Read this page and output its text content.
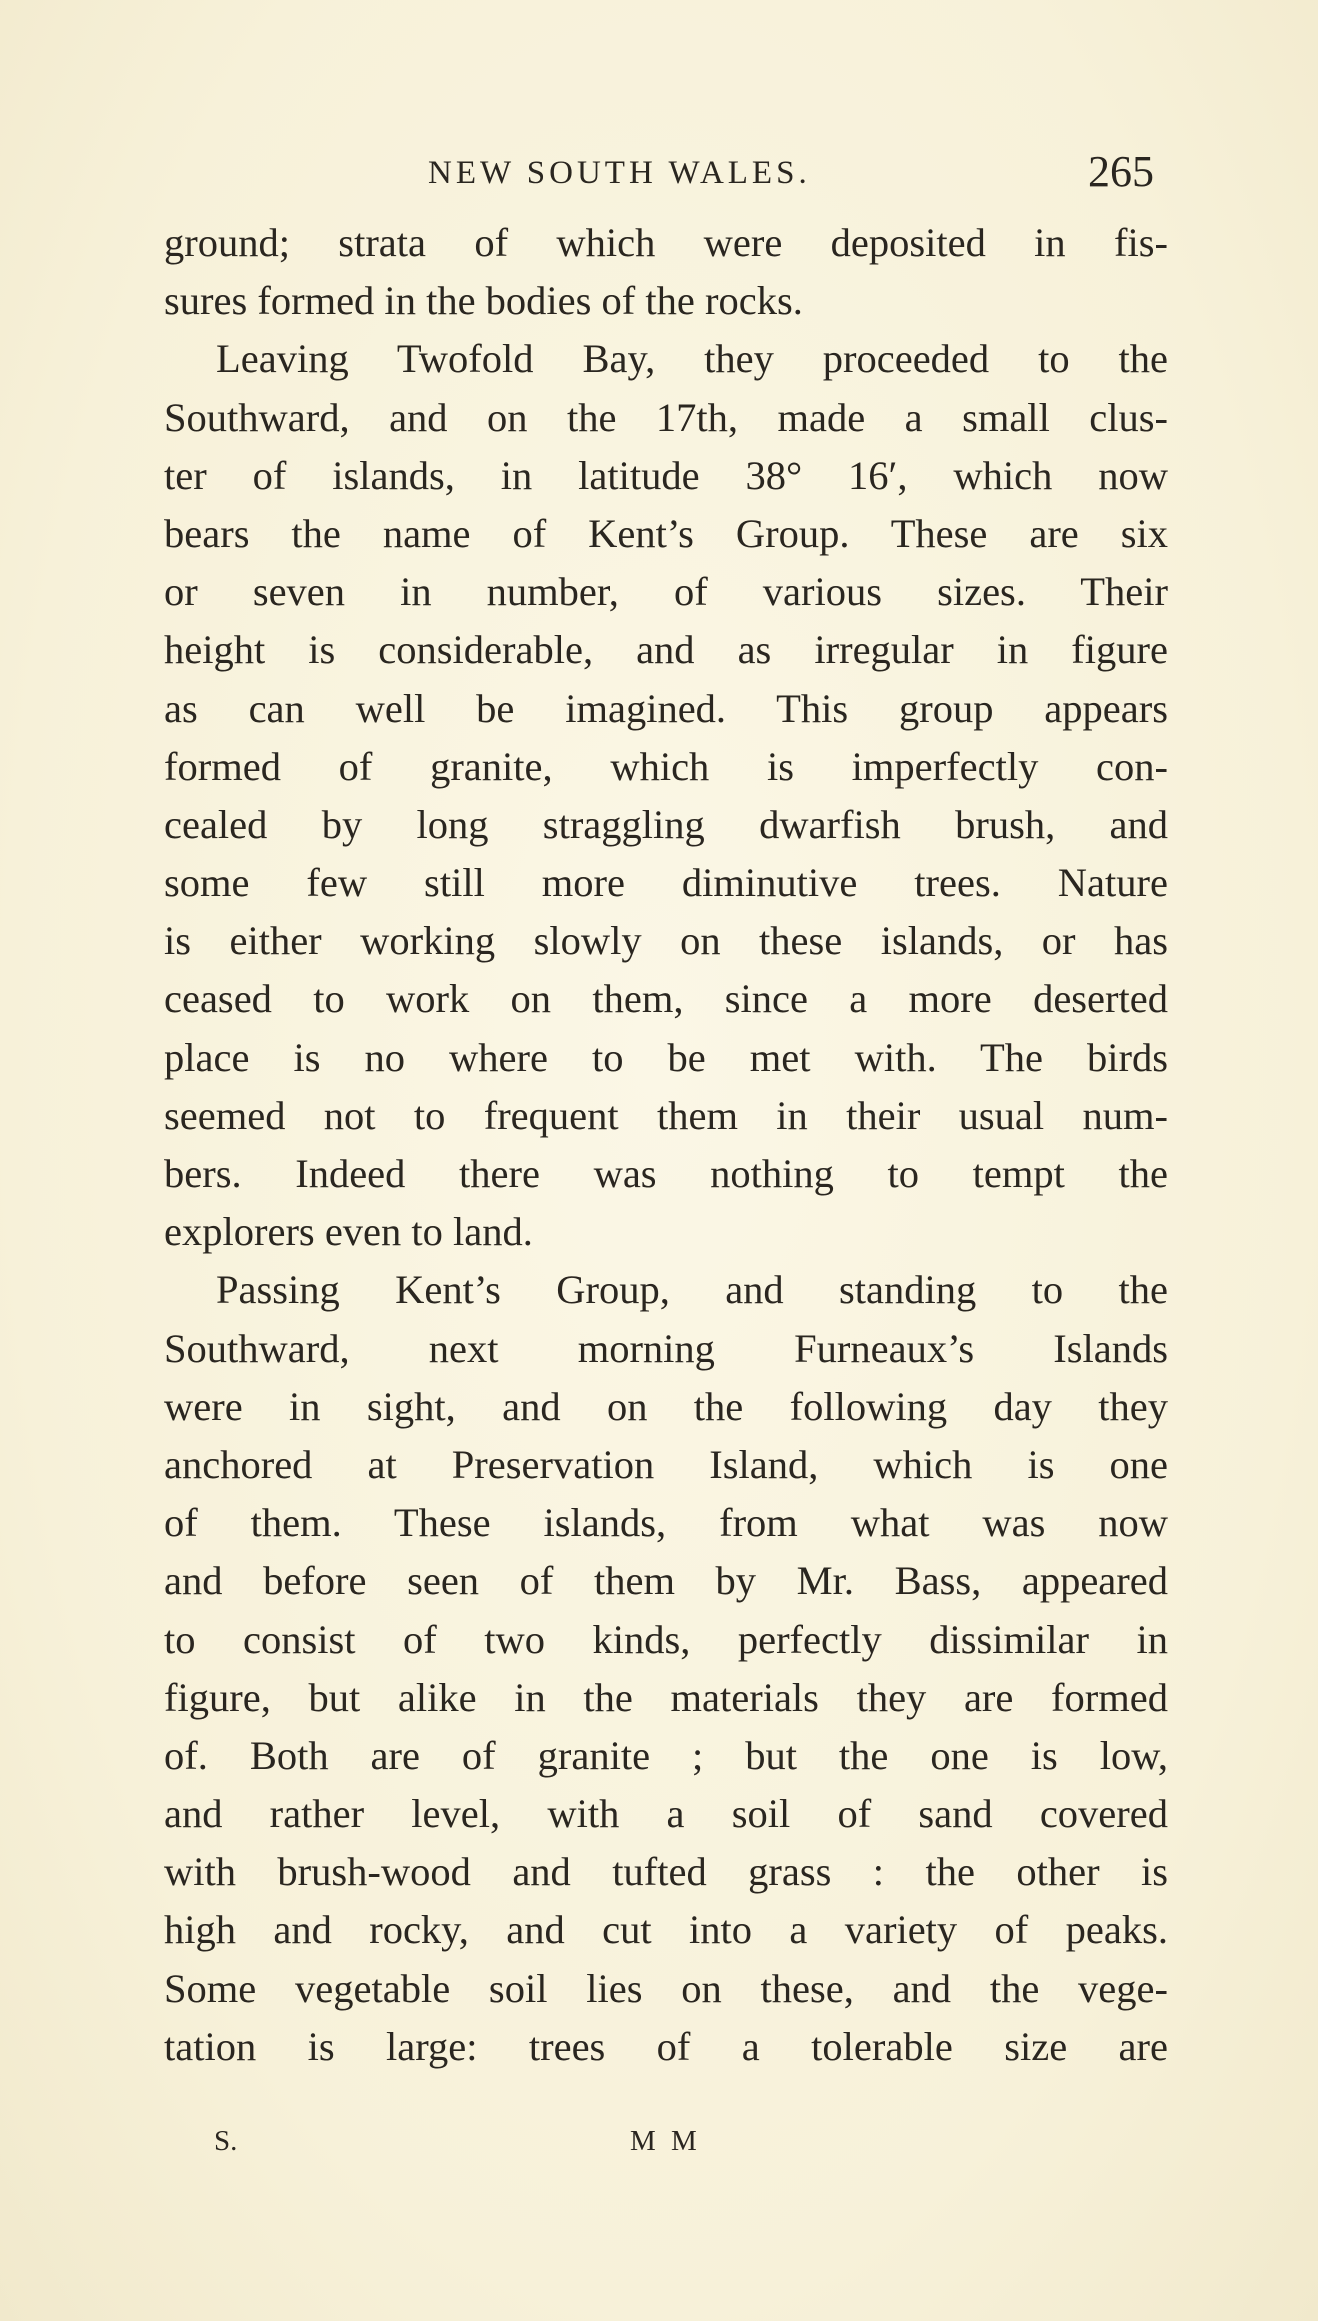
NEW SOUTH WALES.	265
ground; strata of which were deposited in fis-
sures formed in the bodies of the rocks.
Leaving Twofold Bay, they proceeded to the
Southward, and on the 17th, made a small clus-
ter of islands, in latitude 38° 16′, which now
bears the name of Kent’s Group. These are six
or seven in number, of various sizes. Their
height is considerable, and as irregular in figure
as can well be imagined. This group appears
formed of granite, which is imperfectly con-
cealed by long straggling dwarfish brush, and
some few still more diminutive trees. Nature
is either working slowly on these islands, or has
ceased to work on them, since a more deserted
place is no where to be met with. The birds
seemed not to frequent them in their usual num-
bers. Indeed there was nothing to tempt the
explorers even to land.
Passing Kent’s Group, and standing to the
Southward, next morning Furneaux’s Islands
were in sight, and on the following day they
anchored at Preservation Island, which is one
of them. These islands, from what was now
and before seen of them by Mr. Bass, appeared
to consist of two kinds, perfectly dissimilar in
figure, but alike in the materials they are formed
of. Both are of granite ; but the one is low,
and rather level, with a soil of sand covered
with brush-wood and tufted grass : the other is
high and rocky, and cut into a variety of peaks.
Some vegetable soil lies on these, and the vege-
tation is large: trees of a tolerable size are
S.	M M
